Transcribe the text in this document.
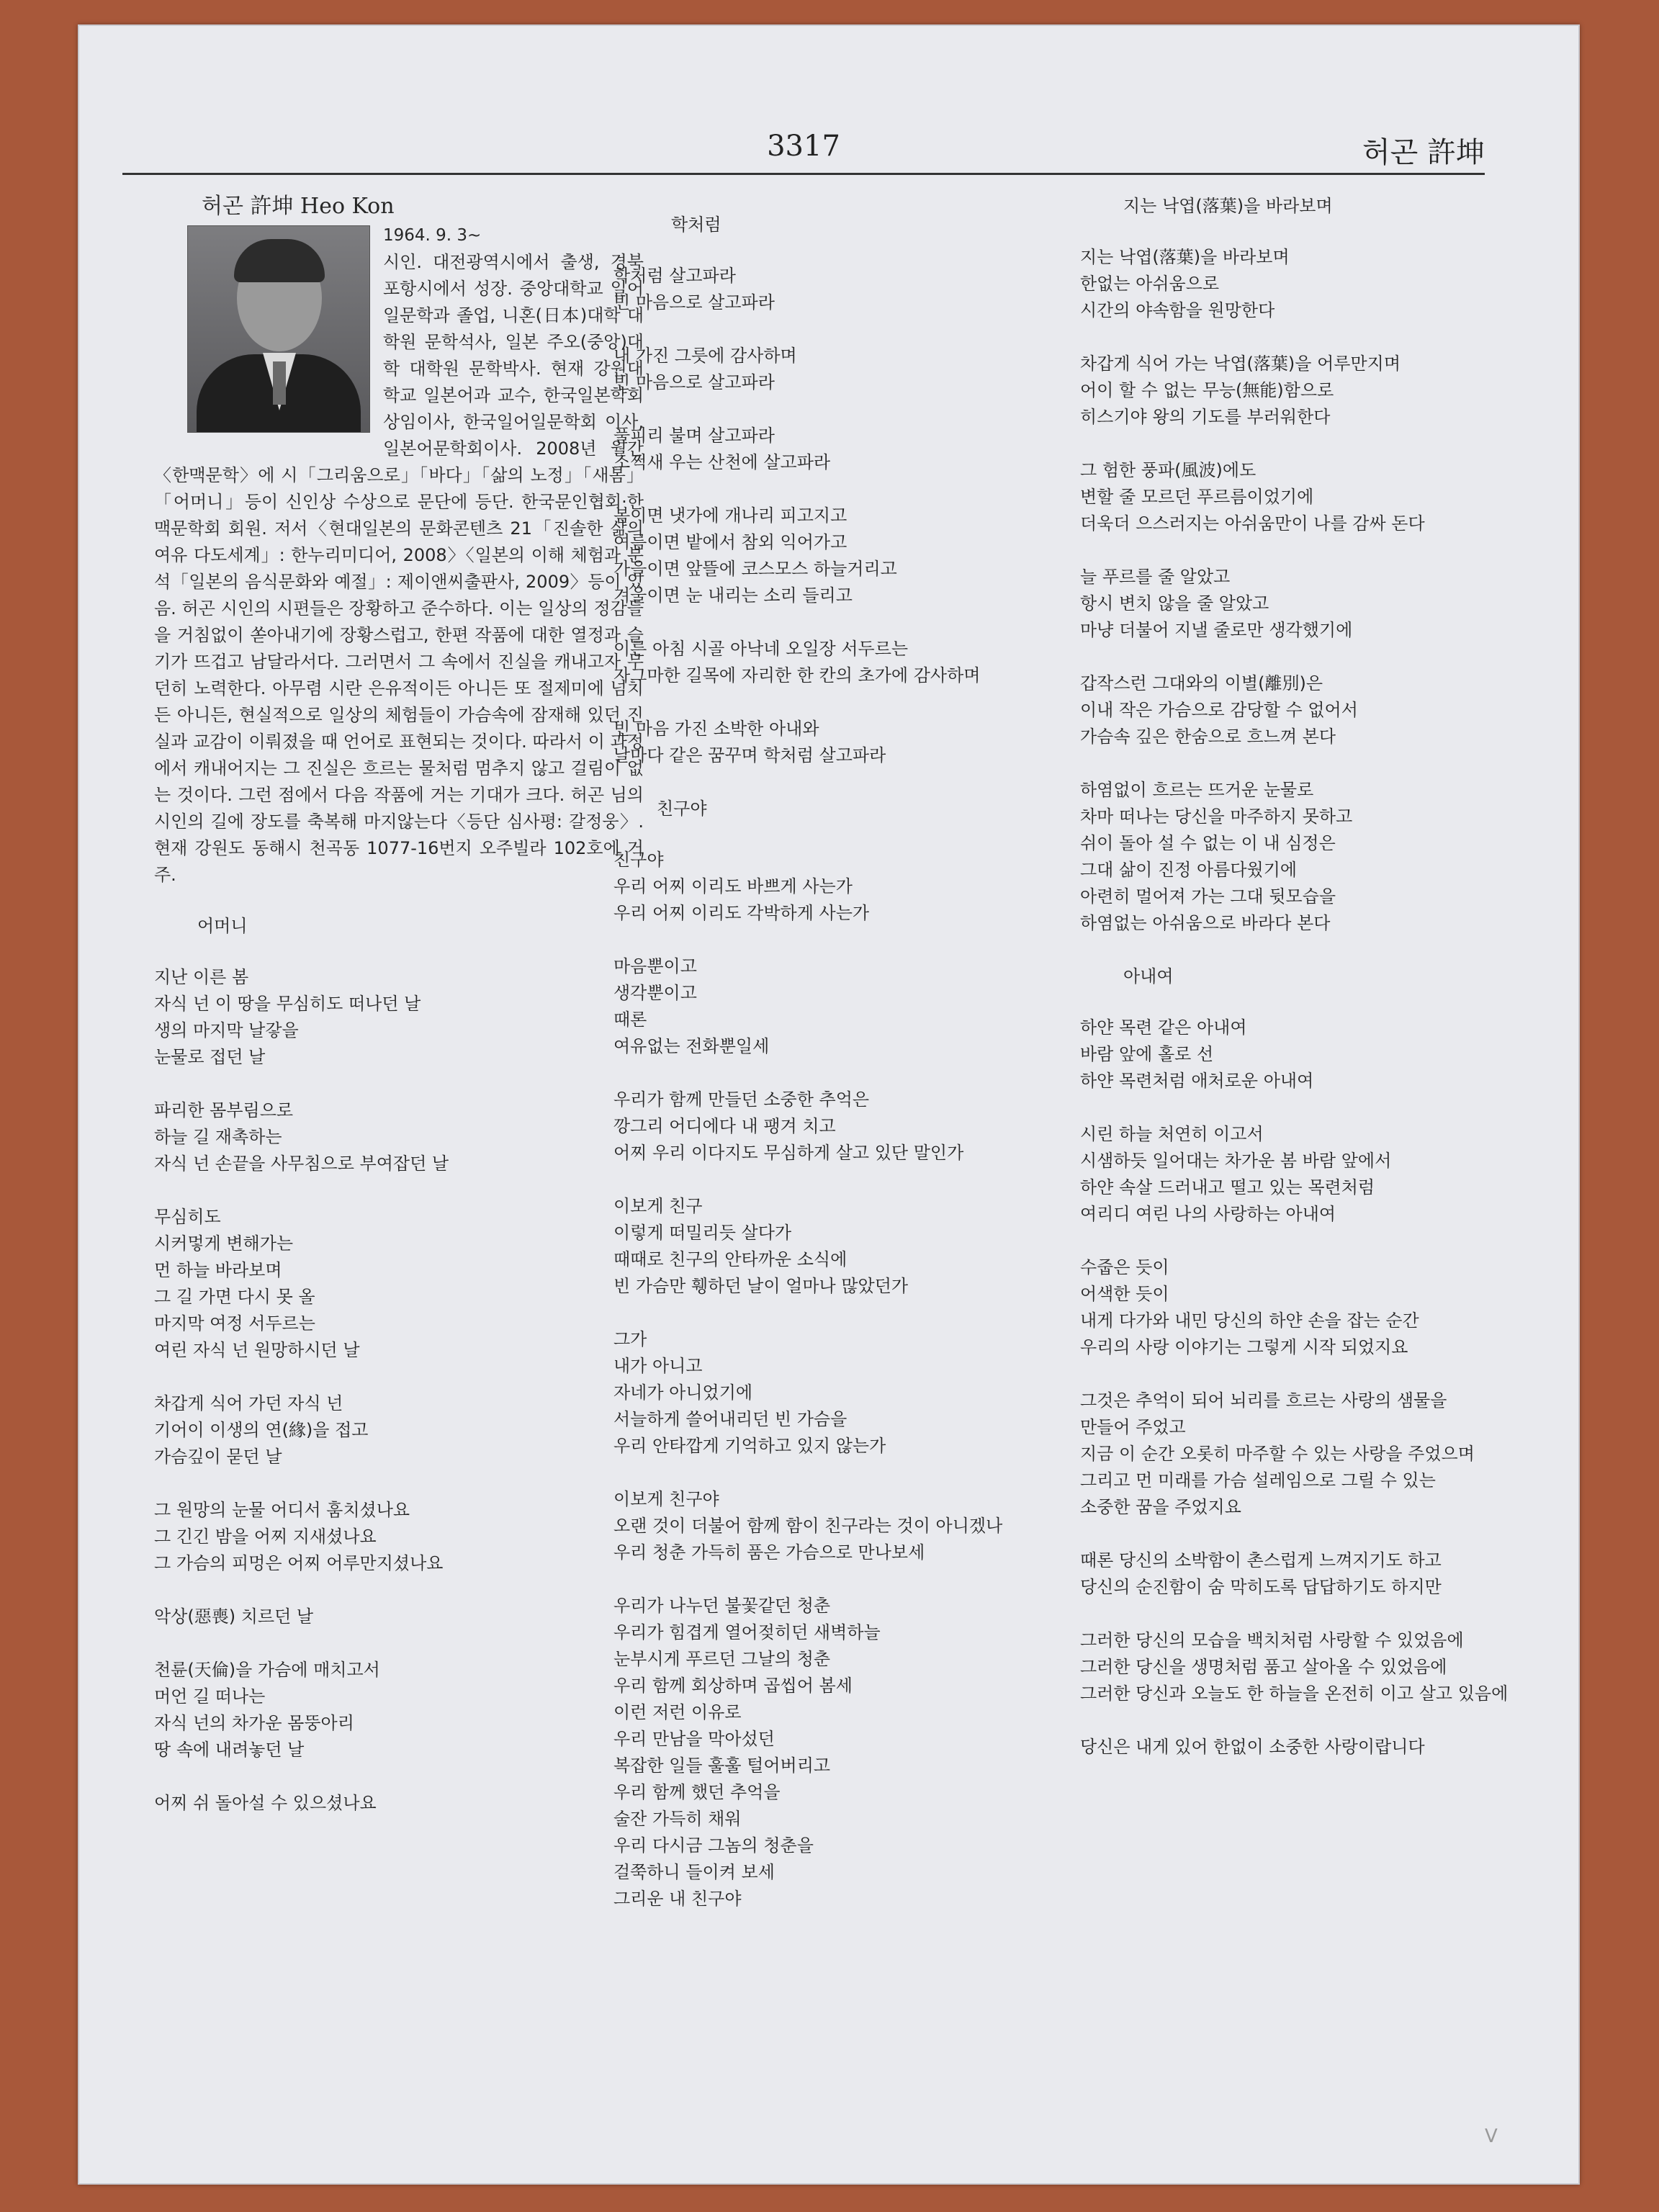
3317	허곤 許坤
허곤 許坤 Heo Kon
1964. 9. 3~

시인. 대전광역시에서 출생, 경북 포항시에서 성장. 중앙대학교 일어일문학과 졸업, 니혼(日本)대학 대학원 문학석사, 일본 주오(중앙)대학 대학원 문학박사. 현재 강원대학교 일본어과 교수, 한국일본학회 상임이사, 한국일어일문학회 이사, 일본어문학회이사. 2008년 월간 〈한맥문학〉에 시「그리움으로」「바다」「삶의 노정」「새봄」「어머니」등이 신인상 수상으로 문단에 등단. 한국문인협회·한맥문학회 회원. 저서〈현대일본의 문화콘텐츠 21「진솔한 삶의 여유 다도세계」: 한누리미디어, 2008〉〈일본의 이해 체험과 분석「일본의 음식문화와 예절」: 제이앤씨출판사, 2009〉등이 있음. 허곤 시인의 시편들은 장황하고 준수하다. 이는 일상의 정감들을 거침없이 쏟아내기에 장황스럽고, 한편 작품에 대한 열정과 슬기가 뜨겁고 남달라서다. 그러면서 그 속에서 진실을 캐내고자 무던히 노력한다. 아무렴 시란 은유적이든 아니든 또 절제미에 넘치든 아니든, 현실적으로 일상의 체험들이 가슴속에 잠재해 있던 진실과 교감이 이뤄졌을 때 언어로 표현되는 것이다. 따라서 이 과정에서 캐내어지는 그 진실은 흐르는 물처럼 멈추지 않고 걸림이 없는 것이다. 그런 점에서 다음 작품에 거는 기대가 크다. 허곤 님의 시인의 길에 장도를 축복해 마지않는다〈등단 심사평: 갈정웅〉. 현재 강원도 동해시 천곡동 1077-16번지 오주빌라 102호에 거주.

어머니
지난 이른 봄
자식 넌 이 땅을 무심히도 떠나던 날
생의 마지막 날갛을
눈물로 접던 날
파리한 몸부림으로
하늘 길 재촉하는
자식 넌 손끝을 사무침으로 부여잡던 날
무심히도
시커멓게 변해가는
먼 하늘 바라보며
그 길 가면 다시 못 올
마지막 여정 서두르는
여린 자식 넌 원망하시던 날
차갑게 식어 가던 자식 넌
기어이 이생의 연(緣)을 접고
가슴깊이 묻던 날
그 원망의 눈물 어디서 훔치셨나요
그 긴긴 밤을 어찌 지새셨나요
그 가슴의 피멍은 어찌 어루만지셨나요
악상(惡喪) 치르던 날
천륜(天倫)을 가슴에 매치고서
머언 길 떠나는
자식 넌의 차가운 몸뚱아리
땅 속에 내려놓던 날
어찌 쉬 돌아설 수 있으셨나요
학처럼
학처럼 살고파라
빈 마음으로 살고파라
내 가진 그릇에 감사하며
빈 마음으로 살고파라
풀피리 불며 살고파라
소쩍새 우는 산천에 살고파라
봄이면 냇가에 개나리 피고지고
여름이면 밭에서 참외 익어가고
가을이면 앞뜰에 코스모스 하늘거리고
겨울이면 눈 내리는 소리 들리고
이른 아침 시골 아낙네 오일장 서두르는
자그마한 길목에 자리한 한 칸의 초가에 감사하며
빈 마음 가진 소박한 아내와
날마다 같은 꿈꾸며 학처럼 살고파라
친구야
친구야
우리 어찌 이리도 바쁘게 사는가
우리 어찌 이리도 각박하게 사는가
마음뿐이고
생각뿐이고
때론
여유없는 전화뿐일세
우리가 함께 만들던 소중한 추억은
깡그리 어디에다 내 팽겨 치고
어찌 우리 이다지도 무심하게 살고 있단 말인가
이보게 친구
이렇게 떠밀리듯 살다가
때때로 친구의 안타까운 소식에
빈 가슴만 휑하던 날이 얼마나 많았던가
그가
내가 아니고
자네가 아니었기에
서늘하게 쓸어내리던 빈 가슴을
우리 안타깝게 기억하고 있지 않는가
이보게 친구야
오랜 것이 더불어 함께 함이 친구라는 것이 아니겠나
우리 청춘 가득히 품은 가슴으로 만나보세
우리가 나누던 불꽃같던 청춘
우리가 힘겹게 열어젖히던 새벽하늘
눈부시게 푸르던 그날의 청춘
우리 함께 회상하며 곱씹어 봄세
이런 저런 이유로
우리 만남을 막아섰던
복잡한 일들 훌훌 털어버리고
우리 함께 했던 추억을
술잔 가득히 채워
우리 다시금 그놈의 청춘을
걸쭉하니 들이켜 보세
그리운 내 친구야
지는 낙엽(落葉)을 바라보며
지는 낙엽(落葉)을 바라보며
한없는 아쉬움으로
시간의 야속함을 원망한다
차갑게 식어 가는 낙엽(落葉)을 어루만지며
어이 할 수 없는 무능(無能)함으로
히스기야 왕의 기도를 부러워한다
그 험한 풍파(風波)에도
변할 줄 모르던 푸르름이었기에
더욱더 으스러지는 아쉬움만이 나를 감싸 돈다
늘 푸르를 줄 알았고
항시 변치 않을 줄 알았고
마냥 더불어 지낼 줄로만 생각했기에
갑작스런 그대와의 이별(離別)은
이내 작은 가슴으로 감당할 수 없어서
가슴속 깊은 한숨으로 흐느껴 본다
하염없이 흐르는 뜨거운 눈물로
차마 떠나는 당신을 마주하지 못하고
쉬이 돌아 설 수 없는 이 내 심정은
그대 삶이 진정 아름다웠기에
아련히 멀어져 가는 그대 뒷모습을
하염없는 아쉬움으로 바라다 본다
아내여
하얀 목련 같은 아내여
바람 앞에 홀로 선
하얀 목련처럼 애처로운 아내여
시린 하늘 처연히 이고서
시샘하듯 일어대는 차가운 봄 바람 앞에서
하얀 속살 드러내고 떨고 있는 목련처럼
여리디 여린 나의 사랑하는 아내여
수줍은 듯이
어색한 듯이
내게 다가와 내민 당신의 하얀 손을 잡는 순간
우리의 사랑 이야기는 그렇게 시작 되었지요
그것은 추억이 되어 뇌리를 흐르는 사랑의 샘물을
만들어 주었고
지금 이 순간 오롯히 마주할 수 있는 사랑을 주었으며
그리고 먼 미래를 가슴 설레임으로 그릴 수 있는
소중한 꿈을 주었지요
때론 당신의 소박함이 촌스럽게 느껴지기도 하고
당신의 순진함이 숨 막히도록 답답하기도 하지만
그러한 당신의 모습을 백치처럼 사랑할 수 있었음에
그러한 당신을 생명처럼 품고 살아올 수 있었음에
그러한 당신과 오늘도 한 하늘을 온전히 이고 살고 있음에
당신은 내게 있어 한없이 소중한 사랑이랍니다
V
